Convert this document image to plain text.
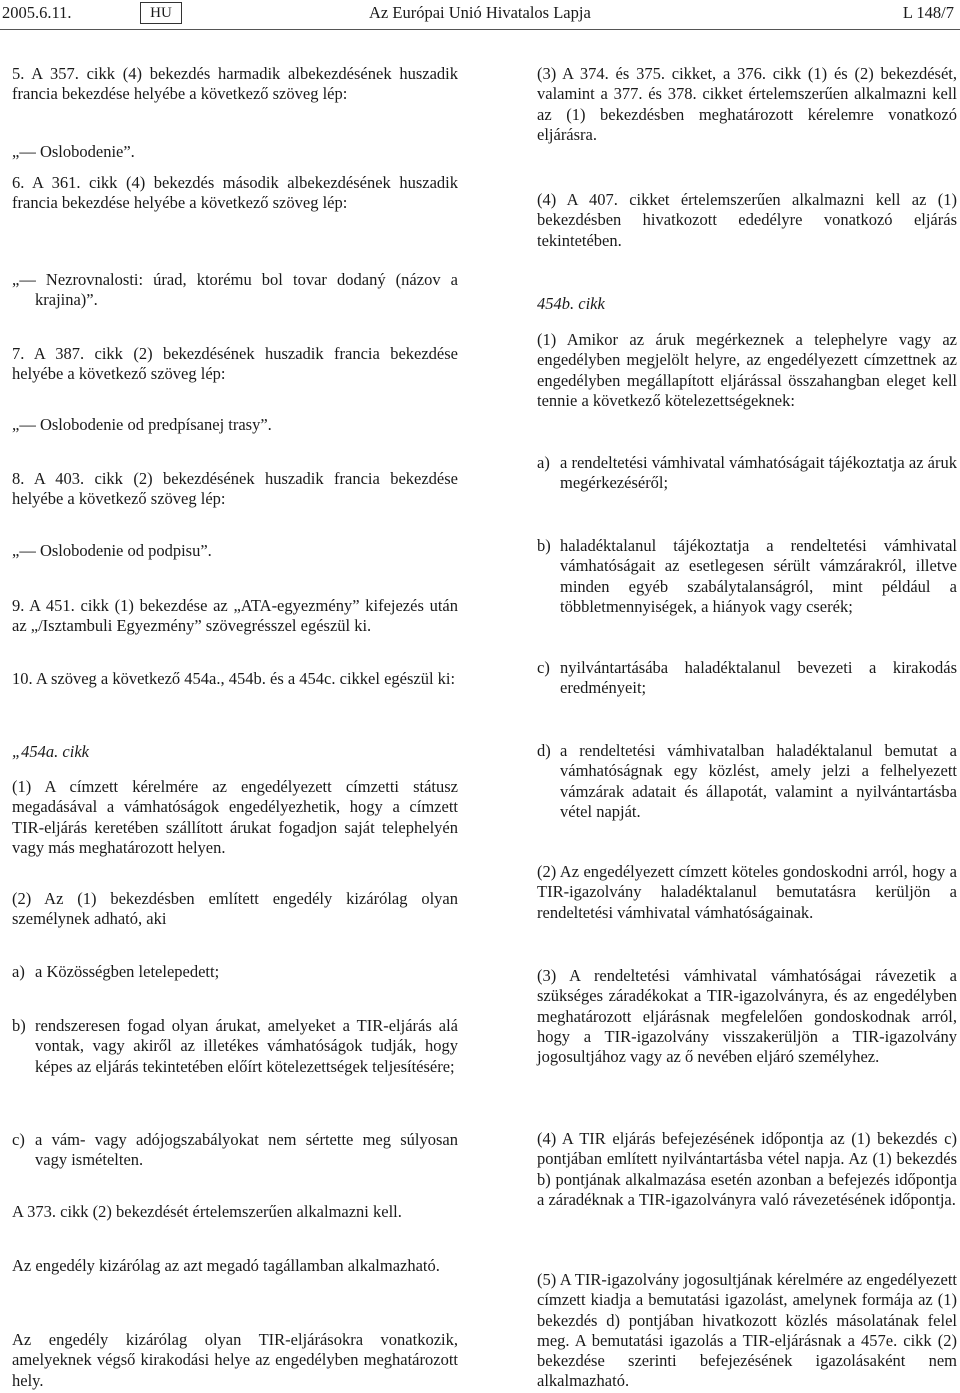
2005.6.11.	HU	Az Európai Unió Hivatalos Lapja	L 148/7

5. A 357. cikk (4) bekezdés harmadik albekezdésének huszadik francia bekezdése helyébe a következő szöveg lép:

„— Oslobodenie”.

6. A 361. cikk (4) bekezdés második albekezdésének huszadik francia bekezdése helyébe a következő szöveg lép:

„— Nezrovnalosti: úrad, ktorému bol tovar dodaný (názov a krajina)”.

7. A 387. cikk (2) bekezdésének huszadik francia bekezdése helyébe a következő szöveg lép:

„— Oslobodenie od predpísanej trasy”.

8. A 403. cikk (2) bekezdésének huszadik francia bekezdése helyébe a következő szöveg lép:

„— Oslobodenie od podpisu”.

9. A 451. cikk (1) bekezdése az „ATA-egyezmény” kifejezés után az „/Isztambuli Egyezmény” szövegrésszel egészül ki.

10. A szöveg a következő 454a., 454b. és a 454c. cikkel egészül ki:

„454a. cikk

(1) A címzett kérelmére az engedélyezett címzetti státusz megadásával a vámhatóságok engedélyezhetik, hogy a címzett TIR-eljárás keretében szállított árukat fogadjon saját telephelyén vagy más meghatározott helyen.

(2) Az (1) bekezdésben említett engedély kizárólag olyan személynek adható, aki

a) a Közösségben letelepedett;
b) rendszeresen fogad olyan árukat, amelyeket a TIR-eljárás alá vontak, vagy akiről az illetékes vámhatóságok tudják, hogy képes az eljárás tekintetében előírt kötelezettségek teljesítésére;
c) a vám- vagy adójogszabályokat nem sértette meg súlyosan vagy ismételten.

A 373. cikk (2) bekezdését értelemszerűen alkalmazni kell.

Az engedély kizárólag az azt megadó tagállamban alkalmazható.

Az engedély kizárólag olyan TIR-eljárásokra vonatkozik, amelyeknek végső kirakodási helye az engedélyben meghatározott hely.

(3) A 374. és 375. cikket, a 376. cikk (1) és (2) bekezdését, valamint a 377. és 378. cikket értelemszerűen alkalmazni kell az (1) bekezdésben meghatározott kérelemre vonatkozó eljárásra.

(4) A 407. cikket értelemszerűen alkalmazni kell az (1) bekezdésben hivatkozott ededélyre vonatkozó eljárás tekintetében.

454b. cikk

(1) Amikor az áruk megérkeznek a telephelyre vagy az engedélyben megjelölt helyre, az engedélyezett címzettnek az engedélyben megállapított eljárással összahangban eleget kell tennie a következő kötelezettségeknek:

a) a rendeltetési vámhivatal vámhatóságait tájékoztatja az áruk megérkezéséről;
b) haladéktalanul tájékoztatja a rendeltetési vámhivatal vámhatóságait az esetlegesen sérült vámzárakról, illetve minden egyéb szabálytalanságról, mint például a többletmennyiségek, a hiányok vagy cserék;
c) nyilvántartásába haladéktalanul bevezeti a kirakodás eredményeit;
d) a rendeltetési vámhivatalban haladéktalanul bemutat a vámhatóságnak egy közlést, amely jelzi a felhelyezett vámzárak adatait és állapotát, valamint a nyilvántartásba vétel napját.

(2) Az engedélyezett címzett köteles gondoskodni arról, hogy a TIR-igazolvány haladéktalanul bemutatásra kerüljön a rendeltetési vámhivatal vámhatóságainak.

(3) A rendeltetési vámhivatal vámhatóságai rávezetik a szükséges záradékokat a TIR-igazolványra, és az engedélyben meghatározott eljárásnak megfelelően gondoskodnak arról, hogy a TIR-igazolvány visszakerüljön a TIR-igazolvány jogosultjához vagy az ő nevében eljáró személyhez.

(4) A TIR eljárás befejezésének időpontja az (1) bekezdés c) pontjában említett nyilvántartásba vétel napja. Az (1) bekezdés b) pontjának alkalmazása esetén azonban a befejezés időpontja a záradéknak a TIR-igazolványra való rávezetésének időpontja.

(5) A TIR-igazolvány jogosultjának kérelmére az engedélyezett címzett kiadja a bemutatási igazolást, amelynek formája az (1) bekezdés d) pontjában hivatkozott közlés másolatának felel meg. A bemutatási igazolás a TIR-eljárásnak a 457e. cikk (2) bekezdése szerinti befejezésének igazolásaként nem alkalmazható.
